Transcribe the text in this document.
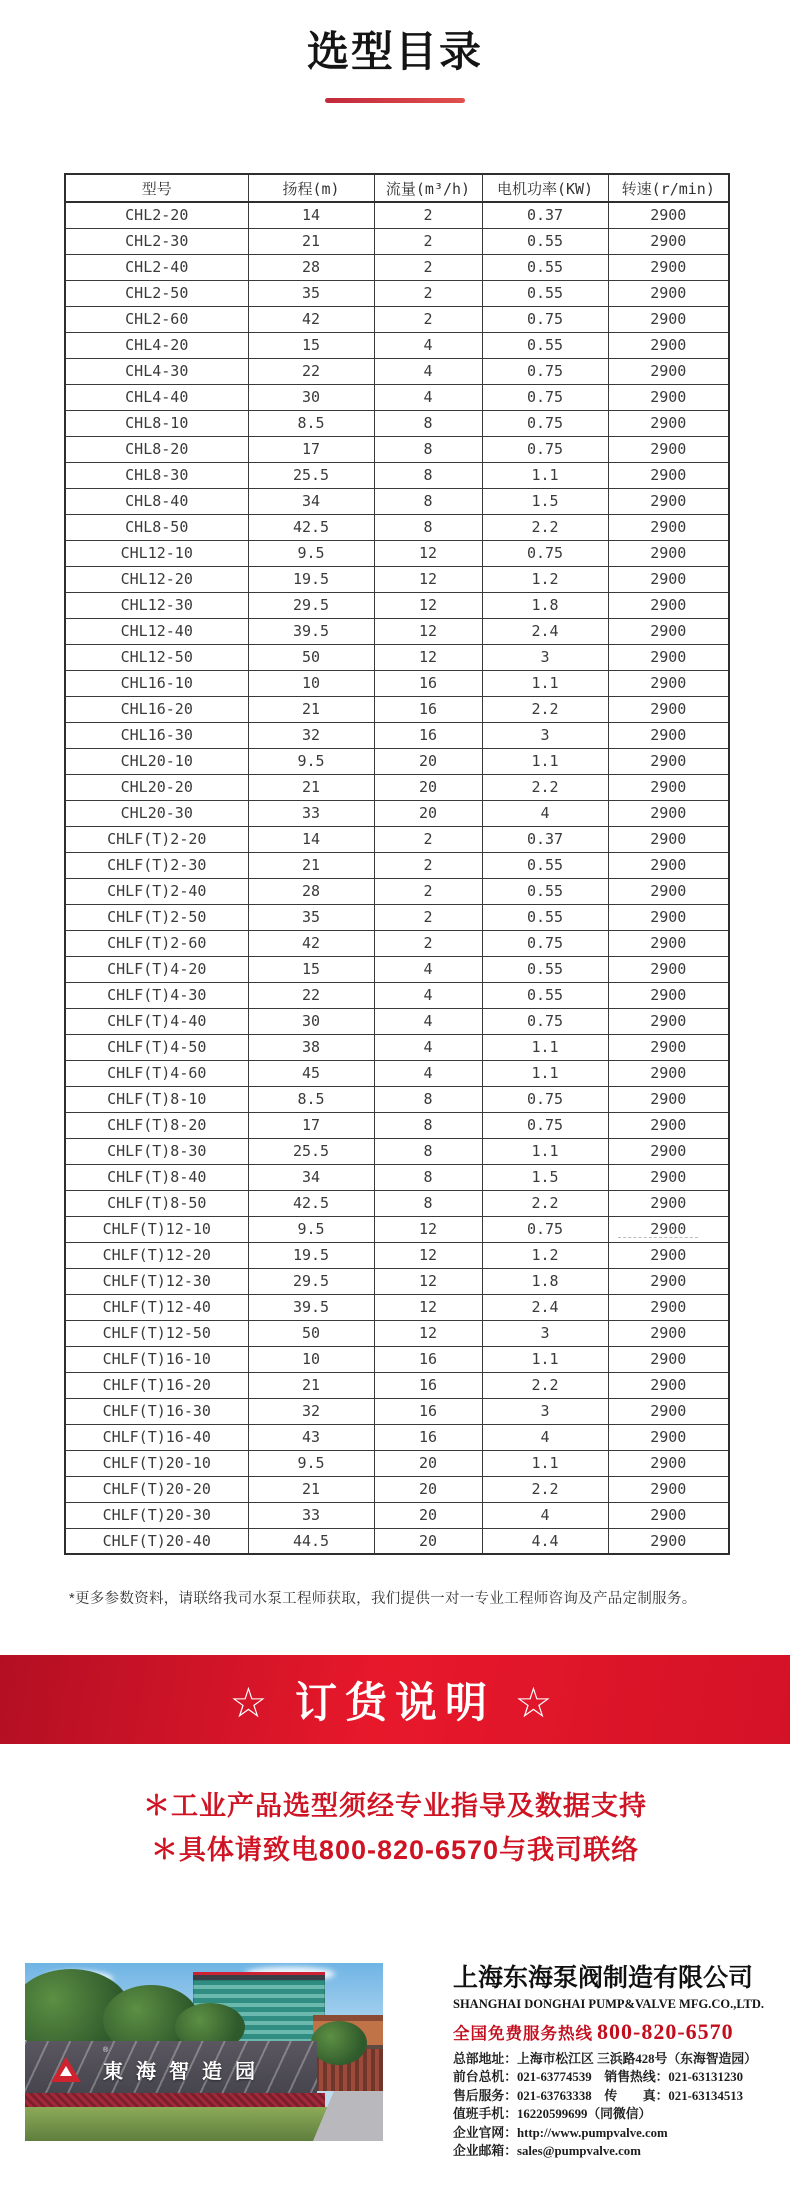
选型目录
型号	扬程(m)	流量(m³/h)	电机功率(KW)	转速(r/min)
CHL2-20	14	2	0.37	2900
CHL2-30	21	2	0.55	2900
CHL2-40	28	2	0.55	2900
CHL2-50	35	2	0.55	2900
CHL2-60	42	2	0.75	2900
CHL4-20	15	4	0.55	2900
CHL4-30	22	4	0.75	2900
CHL4-40	30	4	0.75	2900
CHL8-10	8.5	8	0.75	2900
CHL8-20	17	8	0.75	2900
CHL8-30	25.5	8	1.1	2900
CHL8-40	34	8	1.5	2900
CHL8-50	42.5	8	2.2	2900
CHL12-10	9.5	12	0.75	2900
CHL12-20	19.5	12	1.2	2900
CHL12-30	29.5	12	1.8	2900
CHL12-40	39.5	12	2.4	2900
CHL12-50	50	12	3	2900
CHL16-10	10	16	1.1	2900
CHL16-20	21	16	2.2	2900
CHL16-30	32	16	3	2900
CHL20-10	9.5	20	1.1	2900
CHL20-20	21	20	2.2	2900
CHL20-30	33	20	4	2900
CHLF(T)2-20	14	2	0.37	2900
CHLF(T)2-30	21	2	0.55	2900
CHLF(T)2-40	28	2	0.55	2900
CHLF(T)2-50	35	2	0.55	2900
CHLF(T)2-60	42	2	0.75	2900
CHLF(T)4-20	15	4	0.55	2900
CHLF(T)4-30	22	4	0.55	2900
CHLF(T)4-40	30	4	0.75	2900
CHLF(T)4-50	38	4	1.1	2900
CHLF(T)4-60	45	4	1.1	2900
CHLF(T)8-10	8.5	8	0.75	2900
CHLF(T)8-20	17	8	0.75	2900
CHLF(T)8-30	25.5	8	1.1	2900
CHLF(T)8-40	34	8	1.5	2900
CHLF(T)8-50	42.5	8	2.2	2900
CHLF(T)12-10	9.5	12	0.75	2900
CHLF(T)12-20	19.5	12	1.2	2900
CHLF(T)12-30	29.5	12	1.8	2900
CHLF(T)12-40	39.5	12	2.4	2900
CHLF(T)12-50	50	12	3	2900
CHLF(T)16-10	10	16	1.1	2900
CHLF(T)16-20	21	16	2.2	2900
CHLF(T)16-30	32	16	3	2900
CHLF(T)16-40	43	16	4	2900
CHLF(T)20-10	9.5	20	1.1	2900
CHLF(T)20-20	21	20	2.2	2900
CHLF(T)20-30	33	20	4	2900
CHLF(T)20-40	44.5	20	4.4	2900
*更多参数资料，请联络我司水泵工程师获取，我们提供一对一专业工程师咨询及产品定制服务。
☆ 订货说明 ☆
＊工业产品选型须经专业指导及数据支持
＊具体请致电800-820-6570与我司联络
®
東海智造园
上海东海泵阀制造有限公司
SHANGHAI DONGHAI PUMP&VALVE MFG.CO.,LTD.
全国免费服务热线 800-820-6570
总部地址：上海市松江区 三浜路428号（东海智造园）
前台总机：021-63774539　销售热线：021-63131230
售后服务：021-63763338　传　　真：021-63134513
值班手机：16220599699（同微信）
企业官网：http://www.pumpvalve.com
企业邮箱：sales@pumpvalve.com
